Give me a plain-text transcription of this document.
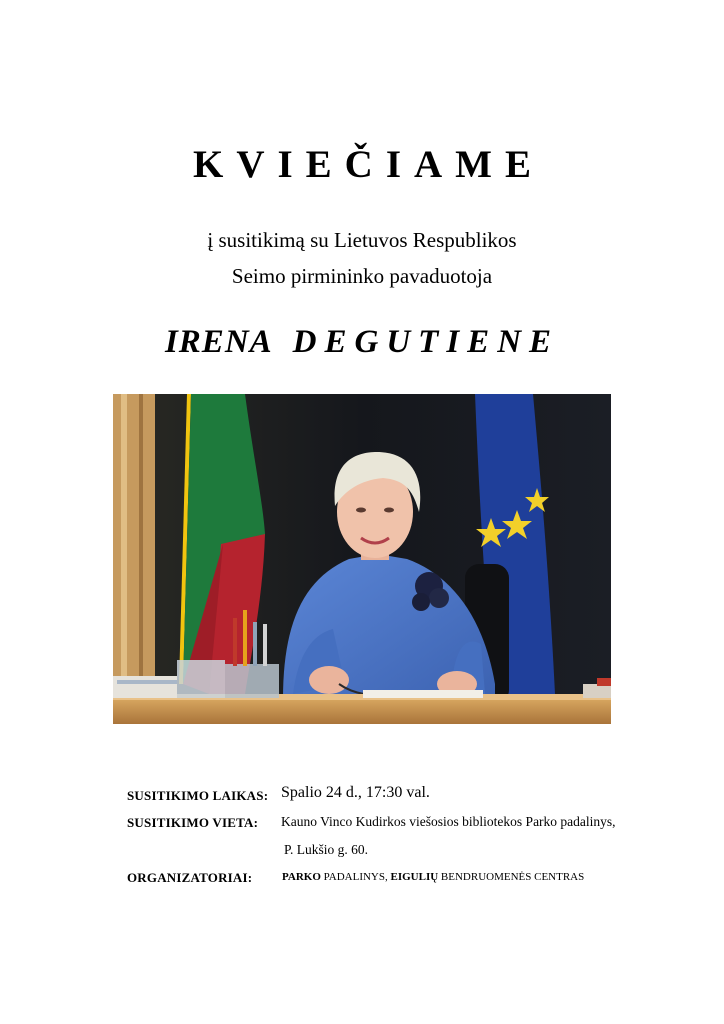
KVIEČIAME
į susitikimą su Lietuvos Respublikos
Seimo pirmininko pavaduotoja
IRENA DEGUTIENE
SUSITIKIMO LAIKAS: Spalio 24 d., 17:30 val.
SUSITIKIMO VIETA: Kauno Vinco Kudirkos viešosios bibliotekos Parko padalinys,
P. Lukšio g. 60.
ORGANIZATORIAI:	PARKO PADALINYS, EIGULIŲ BENDRUOMENĖS CENTRAS
